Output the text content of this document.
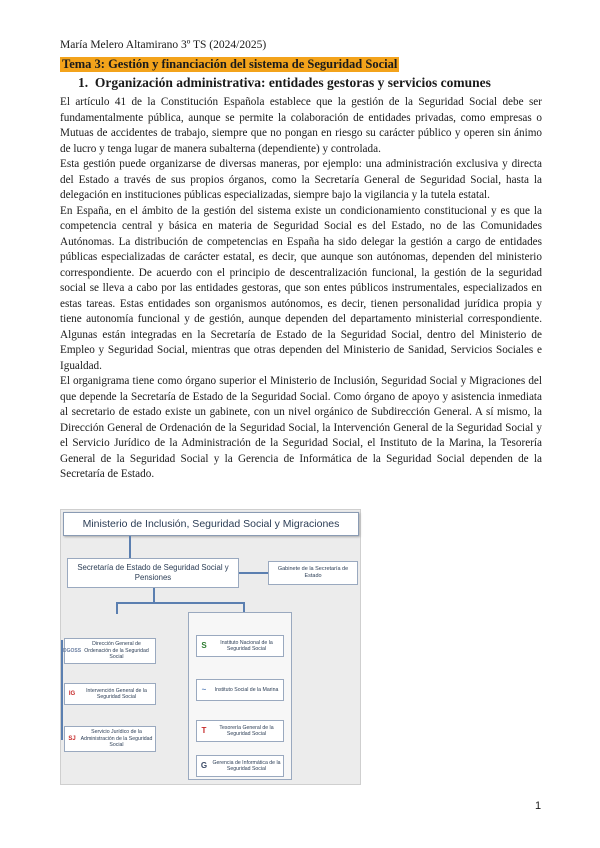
María Melero Altamirano 3º TS (2024/2025)
Tema 3: Gestión y financiación del sistema de Seguridad Social
1.  Organización administrativa: entidades gestoras y servicios comunes

El artículo 41 de la Constitución Española establece que la gestión de la Seguridad Social debe ser fundamentalmente pública, aunque se permite la colaboración de entidades privadas, como empresas o Mutuas de accidentes de trabajo, siempre que no pongan en riesgo su carácter público y operen sin ánimo de lucro y tenga lugar de manera subalterna (dependiente) y controlada.

Esta gestión puede organizarse de diversas maneras, por ejemplo: una administración exclusiva y directa del Estado a través de sus propios órganos, como la Secretaría General de Seguridad Social, hasta la delegación en instituciones públicas especializadas, siempre bajo la vigilancia y la tutela estatal.

En España, en el ámbito de la gestión del sistema existe un condicionamiento constitucional y es que la competencia central y básica en materia de Seguridad Social es del Estado, no de las Comunidades Autónomas. La distribución de competencias en España ha sido delegar la gestión a cargo de entidades públicas especializadas de carácter estatal, es decir, que aunque son autónomas, dependen del ministerio correspondiente. De acuerdo con el principio de descentralización funcional, la gestión de la seguridad social se lleva a cabo por las entidades gestoras, que son entes públicos instrumentales, especializados en estas tareas. Estas entidades son organismos autónomos, es decir, tienen personalidad jurídica propia y tiene autonomía funcional y de gestión, aunque dependen del departamento ministerial correspondiente. Algunas están integradas en la Secretaría de Estado de la Seguridad Social, dentro del Ministerio de Empleo y Seguridad Social, mientras que otras dependen del Ministerio de Sanidad, Servicios Sociales e Igualdad.

El organigrama tiene como órgano superior el Ministerio de Inclusión, Seguridad Social y Migraciones del que depende la Secretaría de Estado de la Seguridad Social. Como órgano de apoyo y asistencia inmediata al secretario de estado existe un gabinete, con un nivel orgánico de Subdirección General. A sí mismo, la Dirección General de Ordenación de la Seguridad Social, la Intervención General de la Seguridad Social y el Servicio Jurídico de la Administración de la Seguridad Social, el Instituto de la Marina, la Tesorería General de la Seguridad Social y la Gerencia de Informática de la Seguridad Social dependen de la Secretaría de Estado.

Ministerio de Inclusión, Seguridad Social y Migraciones
Secretaría de Estado de Seguridad Social y Pensiones
Gabinete de la Secretaría de Estado
DGOSS
Dirección General de Ordenación de la Seguridad Social
IG
Intervención General de la Seguridad Social
SJ
Servicio Jurídico de la Administración de la Seguridad Social
S	Instituto Nacional de la Seguridad Social
~	Instituto Social de la Marina
T	Tesorería General de la Seguridad Social
G	Gerencia de Informática de la Seguridad Social
1
